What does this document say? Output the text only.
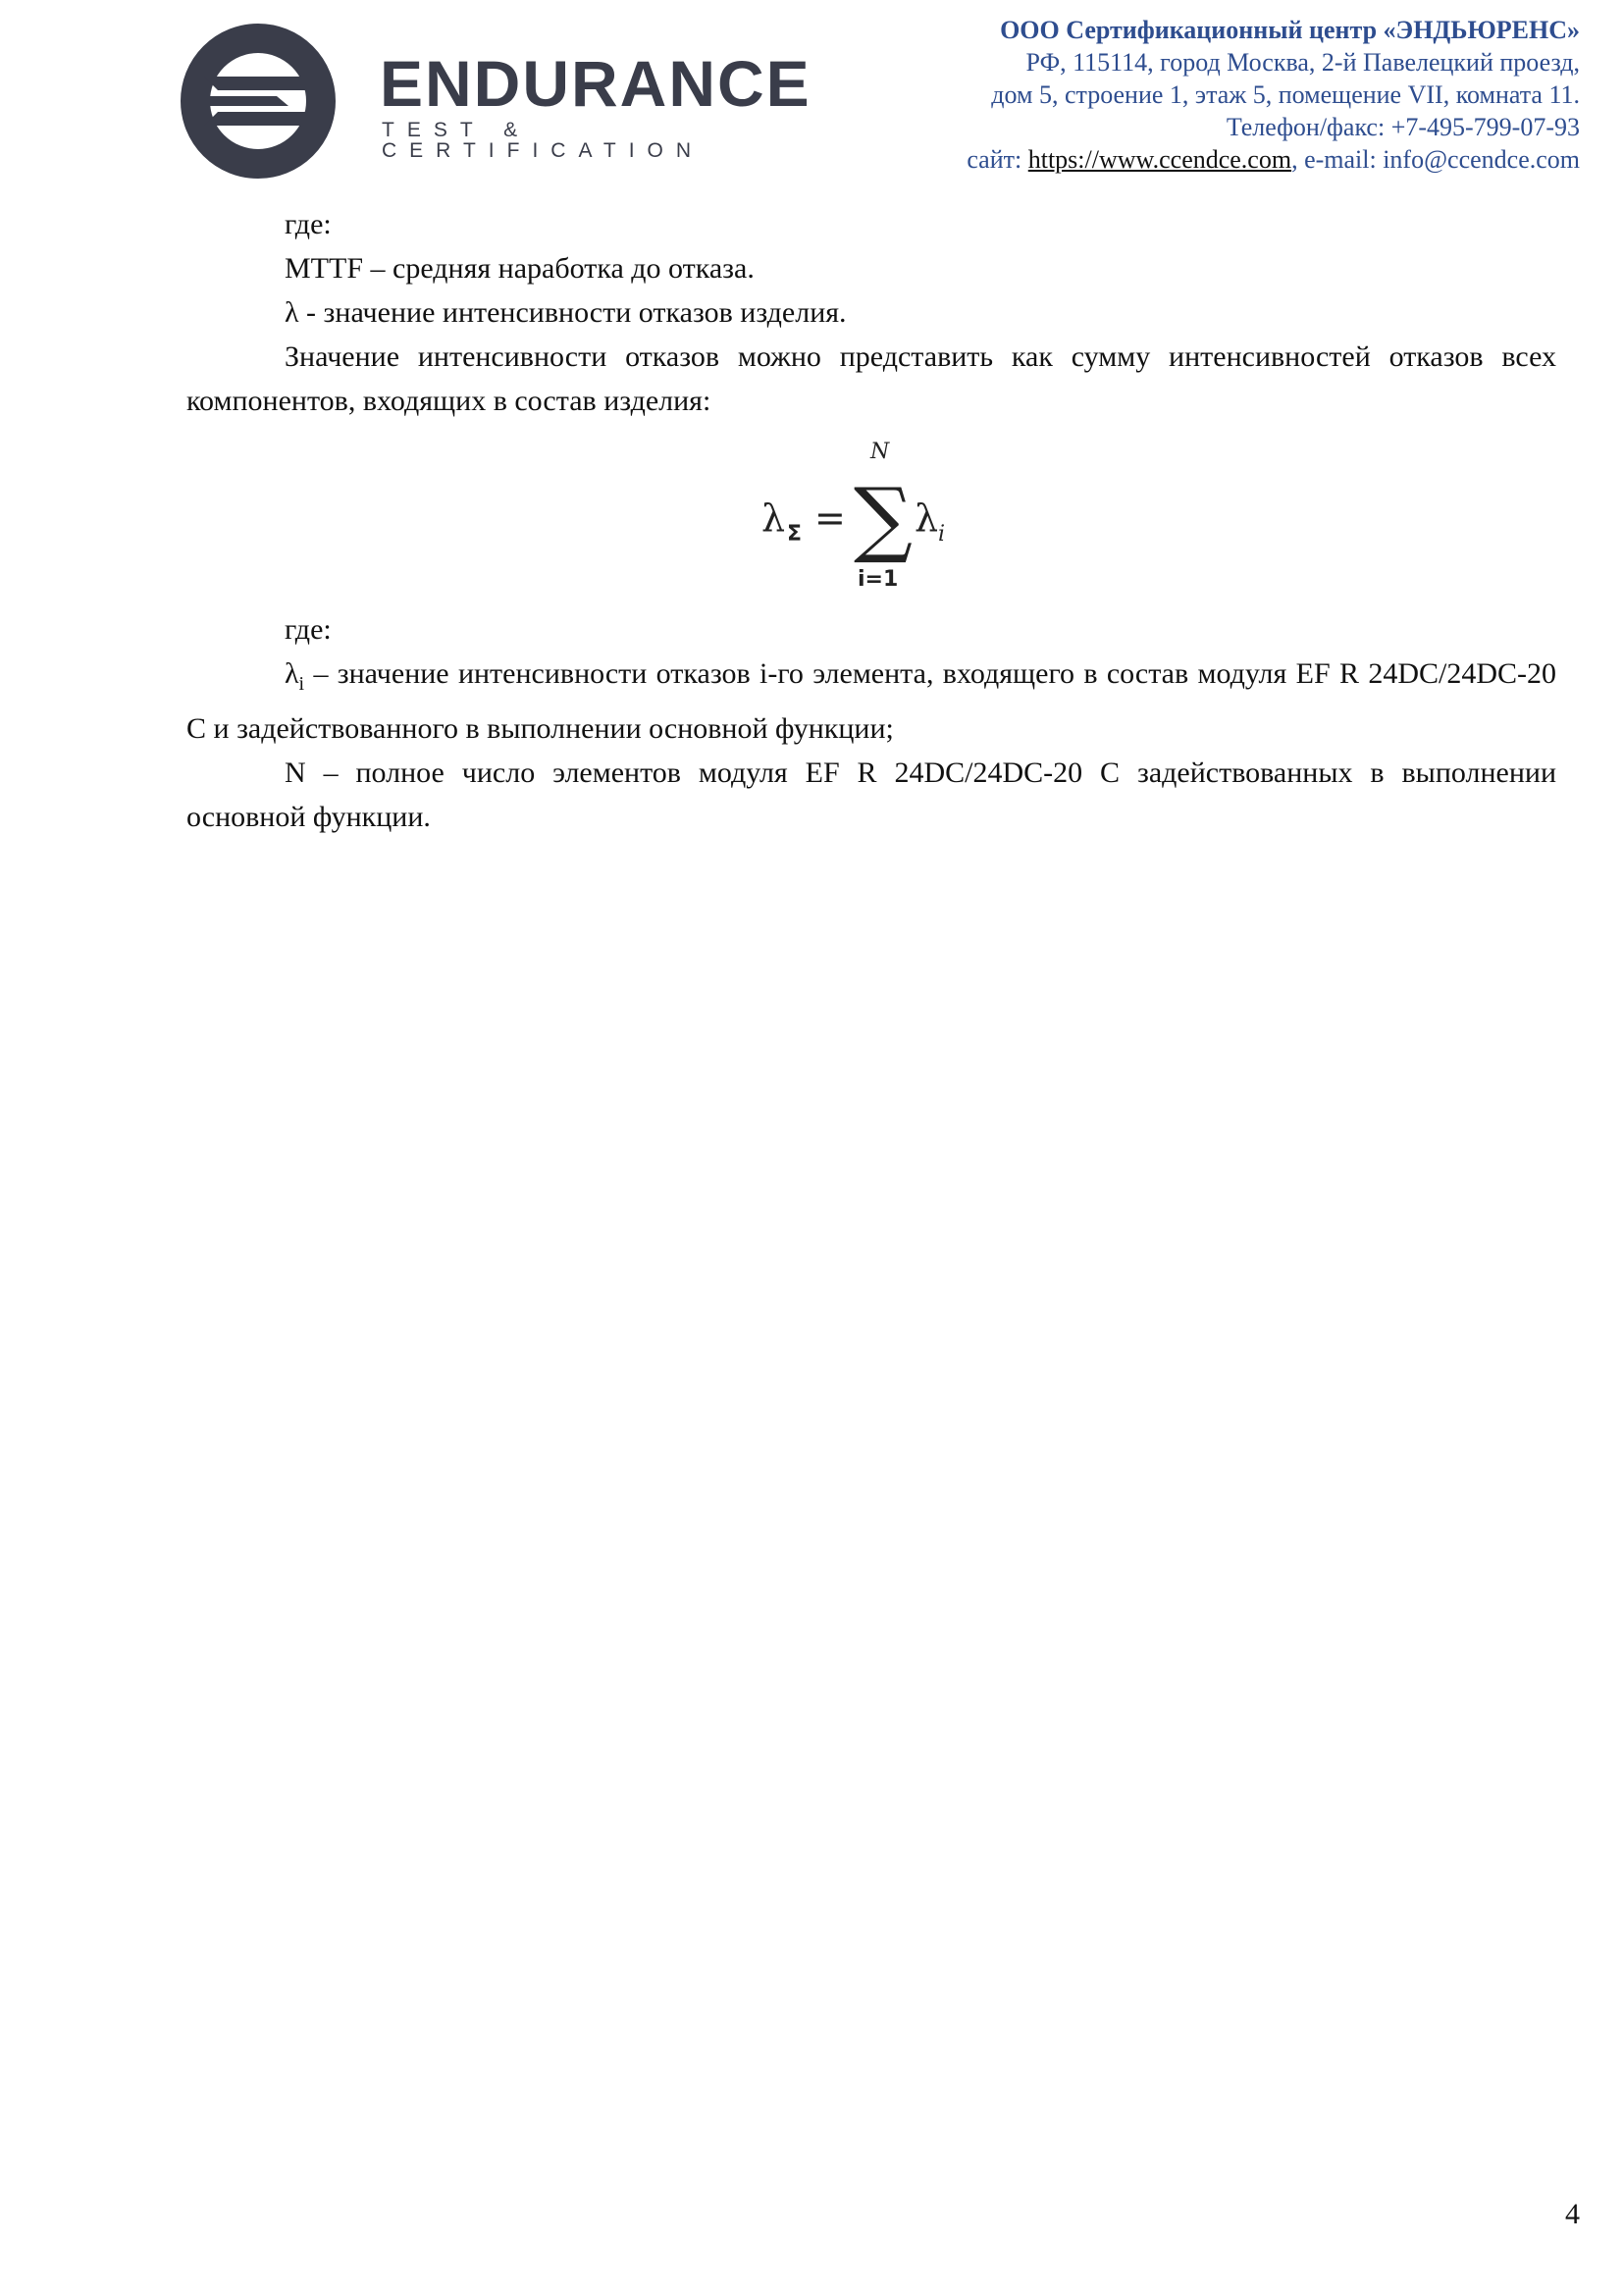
ENDURANCE
TEST & CERTIFICATION
ООО Сертификационный центр «ЭНДЬЮРЕНС»
РФ, 115114, город Москва, 2-й Павелецкий проезд,
дом 5, строение 1, этаж 5, помещение VII, комната 11.
Телефон/факс: +7-495-799-07-93
сайт: https://www.ccendce.com, e-mail: info@ccendce.com

где:

MTTF – средняя наработка до отказа.

λ - значение интенсивности отказов изделия.

Значение интенсивности отказов можно представить как сумму интенсивностей отказов всех компонентов, входящих в состав изделия:

λ Σ =
N
∑
i=1
λ i

где:

$\lambda_i$ – значение интенсивности отказов i-го элемента, входящего в состав модуля EF R 24DC/24DC-20 C и задействованного в выполнении основной функции;

N – полное число элементов модуля EF R 24DC/24DC-20 C задействованных в выполнении основной функции.

4
